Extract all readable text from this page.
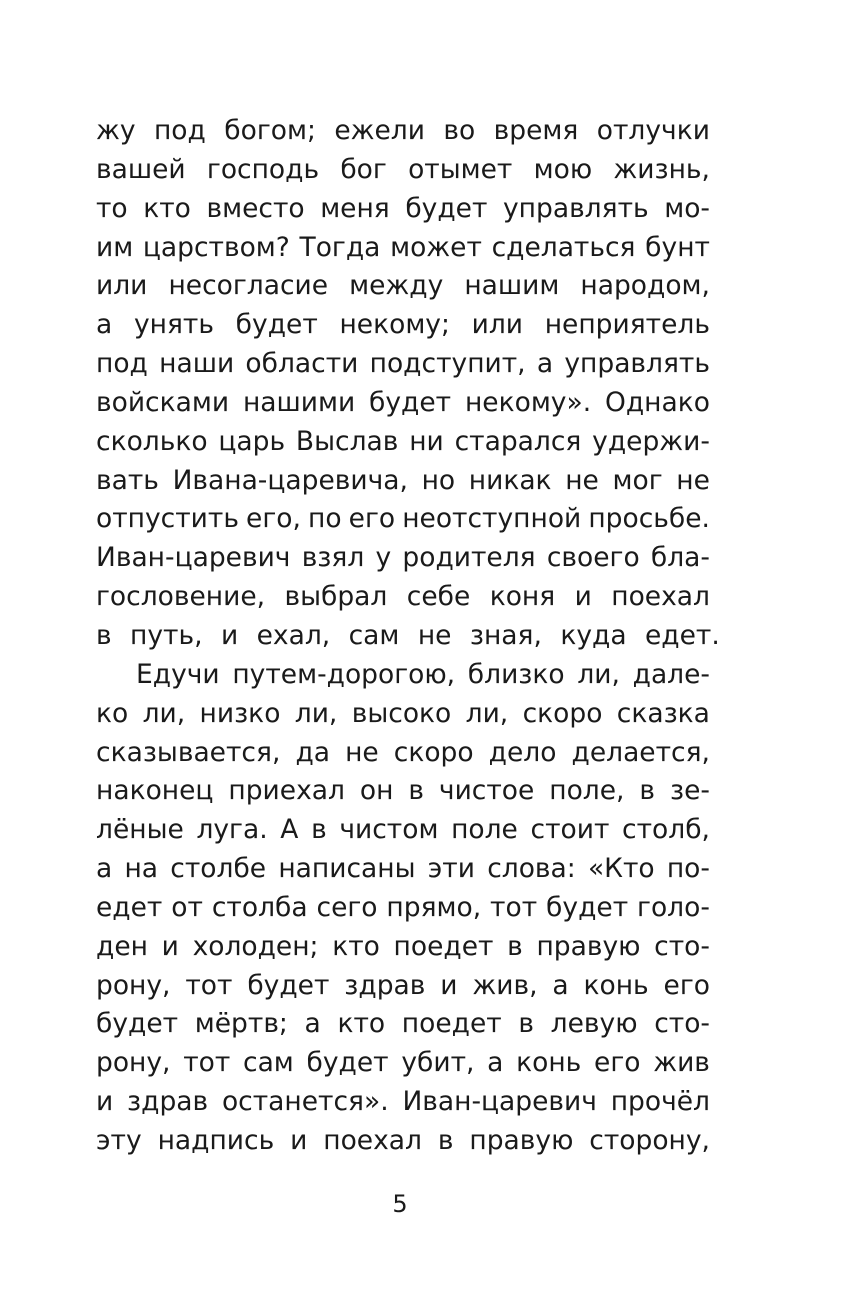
жу под богом; ежели во время отлучки
вашей господь бог отымет мою жизнь,
то кто вместо меня будет управлять мо-
им царством? Тогда может сделаться бунт
или несогласие между нашим народом,
а унять будет некому; или неприятель
под наши области подступит, а управлять
войсками нашими будет некому». Однако
сколько царь Выслав ни старался удержи-
вать Ивана-царевича, но никак не мог не
отпустить его, по его неотступной просьбе.
Иван-царевич взял у родителя своего бла-
гословение, выбрал себе коня и поехал
в путь, и ехал, сам не зная, куда едет.
Едучи путем-дорогою, близко ли, дале-
ко ли, низко ли, высоко ли, скоро сказка
сказывается, да не скоро дело делается,
наконец приехал он в чистое поле, в зе-
лёные луга. А в чистом поле стоит столб,
а на столбе написаны эти слова: «Кто по-
едет от столба сего прямо, тот будет голо-
ден и холоден; кто поедет в правую сто-
рону, тот будет здрав и жив, а конь его
будет мёртв; а кто поедет в левую сто-
рону, тот сам будет убит, а конь его жив
и здрав останется». Иван-царевич прочёл
эту надпись и поехал в правую сторону,
5
